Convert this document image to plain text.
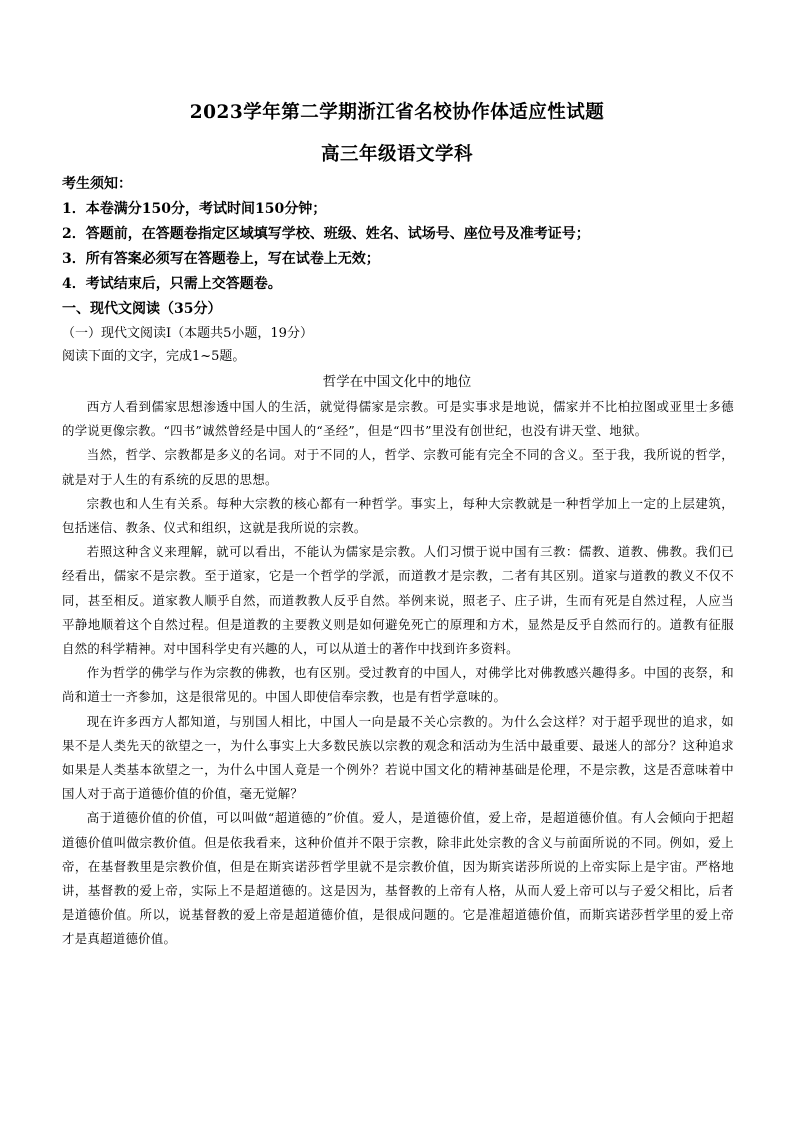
2023学年第二学期浙江省名校协作体适应性试题
高三年级语文学科
考生须知：
1．本卷满分150分，考试时间150分钟；
2．答题前，在答题卷指定区域填写学校、班级、姓名、试场号、座位号及准考证号；
3．所有答案必须写在答题卷上，写在试卷上无效；
4．考试结束后，只需上交答题卷。
一、现代文阅读（35分）
（一）现代文阅读Ⅰ（本题共5小题，19分）
阅读下面的文字，完成1~5题。
哲学在中国文化中的地位

西方人看到儒家思想渗透中国人的生活，就觉得儒家是宗教。可是实事求是地说，儒家并不比柏拉图或亚里士多德的学说更像宗教。“四书”诚然曾经是中国人的“圣经”，但是“四书”里没有创世纪，也没有讲天堂、地狱。

当然，哲学、宗教都是多义的名词。对于不同的人，哲学、宗教可能有完全不同的含义。至于我，我所说的哲学，就是对于人生的有系统的反思的思想。

宗教也和人生有关系。每种大宗教的核心都有一种哲学。事实上，每种大宗教就是一种哲学加上一定的上层建筑，包括迷信、教条、仪式和组织，这就是我所说的宗教。

若照这种含义来理解，就可以看出，不能认为儒家是宗教。人们习惯于说中国有三教：儒教、道教、佛教。我们已经看出，儒家不是宗教。至于道家，它是一个哲学的学派，而道教才是宗教，二者有其区别。道家与道教的教义不仅不同，甚至相反。道家教人顺乎自然，而道教教人反乎自然。举例来说，照老子、庄子讲，生而有死是自然过程，人应当平静地顺着这个自然过程。但是道教的主要教义则是如何避免死亡的原理和方术，显然是反乎自然而行的。道教有征服自然的科学精神。对中国科学史有兴趣的人，可以从道士的著作中找到许多资料。

作为哲学的佛学与作为宗教的佛教，也有区别。受过教育的中国人，对佛学比对佛教感兴趣得多。中国的丧祭，和尚和道士一齐参加，这是很常见的。中国人即使信奉宗教，也是有哲学意味的。

现在许多西方人都知道，与别国人相比，中国人一向是最不关心宗教的。为什么会这样？对于超乎现世的追求，如果不是人类先天的欲望之一，为什么事实上大多数民族以宗教的观念和活动为生活中最重要、最迷人的部分？这种追求如果是人类基本欲望之一，为什么中国人竟是一个例外？若说中国文化的精神基础是伦理，不是宗教，这是否意味着中国人对于高于道德价值的价值，毫无觉解？

高于道德价值的价值，可以叫做“超道德的”价值。爱人，是道德价值，爱上帝，是超道德价值。有人会倾向于把超道德价值叫做宗教价值。但是依我看来，这种价值并不限于宗教，除非此处宗教的含义与前面所说的不同。例如，爱上帝，在基督教里是宗教价值，但是在斯宾诺莎哲学里就不是宗教价值，因为斯宾诺莎所说的上帝实际上是宇宙。严格地讲，基督教的爱上帝，实际上不是超道德的。这是因为，基督教的上帝有人格，从而人爱上帝可以与子爱父相比，后者是道德价值。所以，说基督教的爱上帝是超道德价值，是很成问题的。它是准超道德价值，而斯宾诺莎哲学里的爱上帝才是真超道德价值。
